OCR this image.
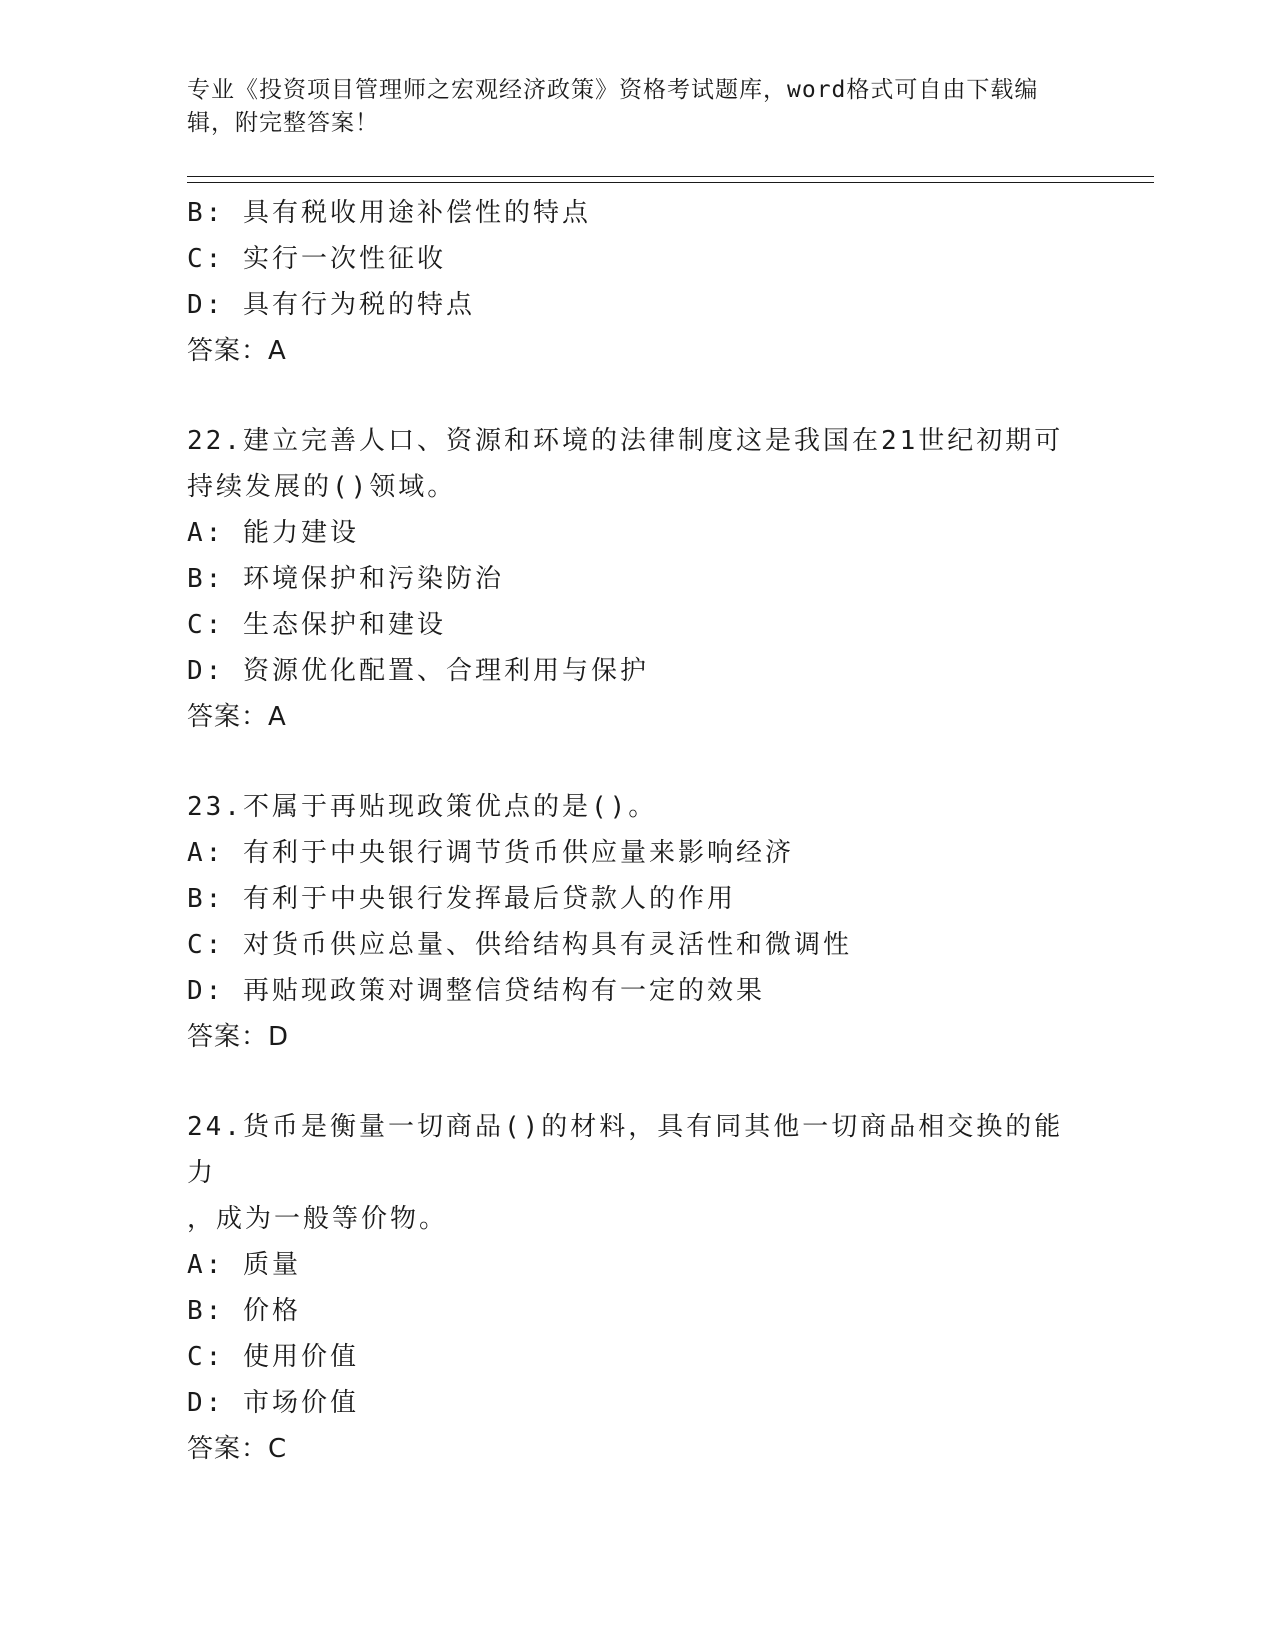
专业《投资项目管理师之宏观经济政策》资格考试题库，word格式可自由下载编
辑，附完整答案！
B: 具有税收用途补偿性的特点
C: 实行一次性征收
D: 具有行为税的特点
答案：A
22.建立完善人口、资源和环境的法律制度这是我国在21世纪初期可
持续发展的()领域。
A: 能力建设
B: 环境保护和污染防治
C: 生态保护和建设
D: 资源优化配置、合理利用与保护
答案：A
23.不属于再贴现政策优点的是()。
A: 有利于中央银行调节货币供应量来影响经济
B: 有利于中央银行发挥最后贷款人的作用
C: 对货币供应总量、供给结构具有灵活性和微调性
D: 再贴现政策对调整信贷结构有一定的效果
答案：D
24.货币是衡量一切商品()的材料，具有同其他一切商品相交换的能力
，成为一般等价物。
A: 质量
B: 价格
C: 使用价值
D: 市场价值
答案：C
